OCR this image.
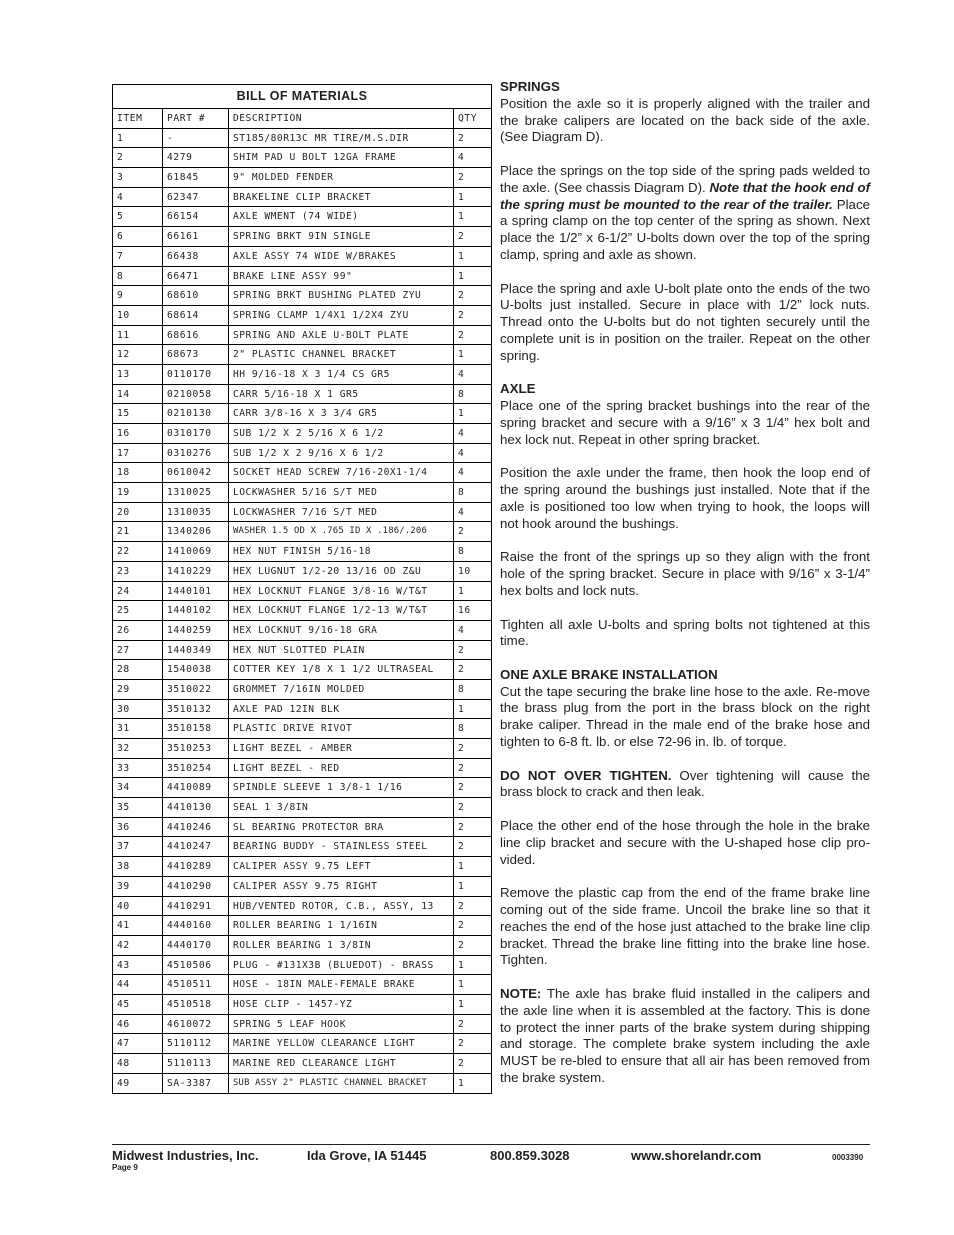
BILL OF MATERIALS
ITEM	PART #	DESCRIPTION	QTY
1	-	ST185/80R13C MR TIRE/M.S.DIR	2
2	4279	SHIM PAD U BOLT 12GA FRAME	4
3	61845	9" MOLDED FENDER	2
4	62347	BRAKELINE CLIP BRACKET	1
5	66154	AXLE WMENT (74 WIDE)	1
6	66161	SPRING BRKT 9IN SINGLE	2
7	66438	AXLE ASSY 74 WIDE W/BRAKES	1
8	66471	BRAKE LINE ASSY 99"	1
9	68610	SPRING BRKT BUSHING PLATED ZYU	2
10	68614	SPRING CLAMP 1/4X1 1/2X4 ZYU	2
11	68616	SPRING AND AXLE U-BOLT PLATE	2
12	68673	2" PLASTIC CHANNEL BRACKET	1
13	0110170	HH 9/16-18 X 3 1/4 CS GR5	4
14	0210058	CARR 5/16-18 X 1 GR5	8
15	0210130	CARR 3/8-16 X 3 3/4 GR5	1
16	0310170	SUB 1/2 X 2 5/16 X 6 1/2	4
17	0310276	SUB 1/2 X 2 9/16 X 6 1/2	4
18	0610042	SOCKET HEAD SCREW 7/16-20X1-1/4	4
19	1310025	LOCKWASHER 5/16 S/T MED	8
20	1310035	LOCKWASHER 7/16 S/T MED	4
21	1340206	WASHER 1.5 OD X .765 ID X .186/.206	2
22	1410069	HEX NUT FINISH 5/16-18	8
23	1410229	HEX LUGNUT 1/2-20 13/16 OD Z&U	10
24	1440101	HEX LOCKNUT FLANGE 3/8-16 W/T&T	1
25	1440102	HEX LOCKNUT FLANGE 1/2-13 W/T&T	16
26	1440259	HEX LOCKNUT 9/16-18 GRA	4
27	1440349	HEX NUT SLOTTED PLAIN	2
28	1540038	COTTER KEY 1/8 X 1 1/2 ULTRASEAL	2
29	3510022	GROMMET 7/16IN MOLDED	8
30	3510132	AXLE PAD 12IN BLK	1
31	3510158	PLASTIC DRIVE RIVOT	8
32	3510253	LIGHT BEZEL - AMBER	2
33	3510254	LIGHT BEZEL - RED	2
34	4410089	SPINDLE SLEEVE 1 3/8-1 1/16	2
35	4410130	SEAL 1 3/8IN	2
36	4410246	SL BEARING PROTECTOR BRA	2
37	4410247	BEARING BUDDY - STAINLESS STEEL	2
38	4410289	CALIPER ASSY 9.75 LEFT	1
39	4410290	CALIPER ASSY 9.75 RIGHT	1
40	4410291	HUB/VENTED ROTOR, C.B., ASSY, 13	2
41	4440160	ROLLER BEARING 1 1/16IN	2
42	4440170	ROLLER BEARING 1 3/8IN	2
43	4510506	PLUG - #131X3B (BLUEDOT) - BRASS	1
44	4510511	HOSE - 18IN MALE-FEMALE BRAKE	1
45	4510518	HOSE CLIP - 1457-YZ	1
46	4610072	SPRING 5 LEAF HOOK	2
47	5110112	MARINE YELLOW CLEARANCE LIGHT	2
48	5110113	MARINE RED CLEARANCE LIGHT	2
49	SA-3387	SUB ASSY 2" PLASTIC CHANNEL BRACKET	1
SPRINGS

Position the axle so it is properly aligned with the trailer and the brake calipers are located on the back side of the axle. (See Diagram D).

Place the springs on the top side of the spring pads welded to the axle. (See chassis Diagram D). Note that the hook end of the spring must be mounted to the rear of the trailer. Place a spring clamp on the top center of the spring as shown. Next place the 1/2” x 6-1/2” U-bolts down over the top of the spring clamp, spring and axle as shown.

Place the spring and axle U-bolt plate onto the ends of the two U-bolts just installed. Secure in place with 1/2” lock nuts. Thread onto the U-bolts but do not tighten securely until the complete unit is in position on the trailer. Repeat on the other spring.

AXLE

Place one of the spring bracket bushings into the rear of the spring bracket and secure with a 9/16” x 3 1/4” hex bolt and hex lock nut. Repeat in other spring bracket.

Position the axle under the frame, then hook the loop end of the spring around the bushings just installed. Note that if the axle is positioned too low when trying to hook, the loops will not hook around the bushings.

Raise the front of the springs up so they align with the front hole of the spring bracket. Secure in place with 9/16” x 3-1/4” hex bolts and lock nuts.

Tighten all axle U-bolts and spring bolts not tightened at this time.

ONE AXLE BRAKE INSTALLATION

Cut the tape securing the brake line hose to the axle. Re-move the brass plug from the port in the brass block on the right brake caliper. Thread in the male end of the brake hose and tighten to 6-8 ft. lb. or else 72-96 in. lb. of torque.

DO NOT OVER TIGHTEN. Over tightening will cause the brass block to crack and then leak.

Place the other end of the hose through the hole in the brake line clip bracket and secure with the U-shaped hose clip pro-vided.

Remove the plastic cap from the end of the frame brake line coming out of the side frame. Uncoil the brake line so that it reaches the end of the hose just attached to the brake line clip bracket. Thread the brake line fitting into the brake line hose. Tighten.

NOTE: The axle has brake fluid installed in the calipers and the axle line when it is assembled at the factory. This is done to protect the inner parts of the brake system during shipping and storage. The complete brake system including the axle MUST be re-bled to ensure that all air has been removed from the brake system.

Midwest Industries, Inc.	Ida Grove, IA 51445	800.859.3028	www.shorelandr.com	0003390
Page 9
